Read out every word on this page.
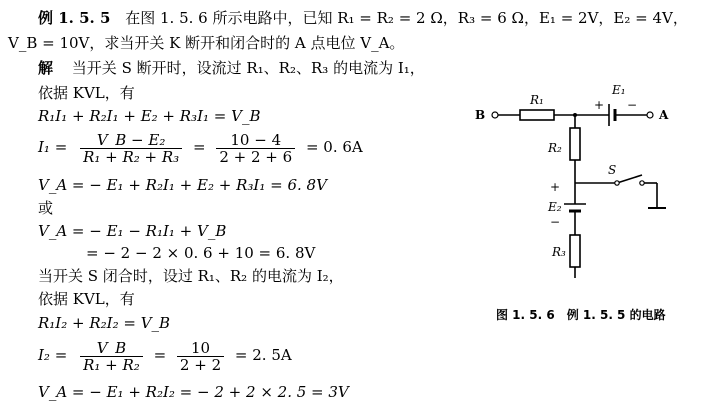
例 1. 5. 5 在图 1. 5. 6 所示电路中，已知 R₁ = R₂ = 2 Ω，R₃ = 6 Ω，E₁ = 2V，E₂ = 4V，
V_B = 10V，求当开关 K 断开和闭合时的 A 点电位 V_A。
解 当开关 S 断开时，设流过 R₁、R₂、R₃ 的电流为 I₁，
依据 KVL，有
R₁I₁ + R₂I₁ + E₂ + R₃I₁ = V_B
$I_1 = \frac{\text{V\_B − E₂}}{\text{R₁ + R₂ + R₃}} = \frac{10 - 4}{2 + 2 + 6} = 0$. 6A
V_A = − E₁ + R₂I₁ + E₂ + R₃I₁ = 6. 8V
或
V_A = − E₁ − R₁I₁ + V_B
= − 2 − 2 × 0. 6 + 10 = 6. 8V
当开关 S 闭合时，设过 R₁、R₂ 的电流为 I₂，
依据 KVL，有
R₁I₂ + R₂I₂ = V_B
$I_2 = \frac{V\_B}{\text{R₁ + R₂}} = \frac{10}{2 + 2} = 2$. 5A
V_A = − E₁ + R₂I₂ = − 2 + 2 × 2. 5 = 3V
B	A
R₁
R₂
R₃
E₁
E₂
S
+ −
+
−
图 1. 5. 6　例 1. 5. 5 的电路
